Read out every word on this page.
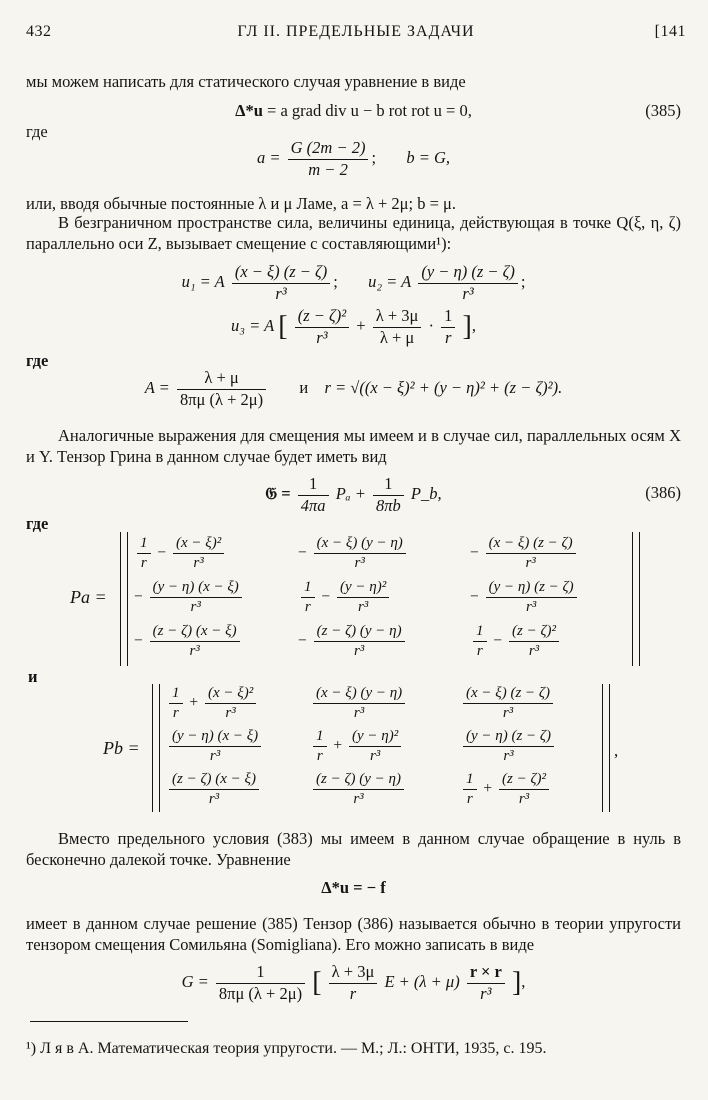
432	ГЛ II. ПРЕДЕЛЬНЫЕ ЗАДАЧИ	[141
мы можем написать для статического случая уравнение в виде
Δ*u = a grad div u − b rot rot u = 0,	(385)
где
$a = \frac{G (2m - 2)}{m - 2}$ ;  b = G,
или, вводя обычные постоянные λ и μ Ламе, a = λ + 2μ; b = μ.
В безграничном пространстве сила, величины единица, действующая в точке Q(ξ, η, ζ) параллельно оси Z, вызывает смещение с составляющими¹):
u₁ = A $\frac{(x - \xi) (z - \zeta)}{\text{r³}}$ ;  u₂ = A $\frac{(y - \eta) (z - \zeta)}{\text{r³}}$ ;
u₃ = A [ $\frac{\text{(z − ζ)²}}{\text{r³}} + \frac{\lambda + 3\mu}{\lambda + \mu} \cdot \frac{1}{r}$ ],
где
$A = \frac{\lambda + \mu}{8\pi\mu (\lambda + 2\mu)}$ и r = √((x − ξ)² + (y − η)² + (z − ζ)²).
Аналогичные выражения для смещения мы имеем и в случае сил, параллельных осям X и Y. Тензор Грина в данном случае будет иметь вид
𝔊 = $\frac{1}{4\pi a}$ $P_a + \frac{1}{8\pi b}$ P_b,	(386)
где
Pa =
$\frac{1}{r} - \frac{\text{(x − ξ)²}}{\text{r³}}$	− $\frac{(x - \xi) (y - \eta)}{\text{r³}}$	− $\frac{(x - \xi) (z - \zeta)}{\text{r³}}$
− $\frac{(y - \eta) (x - \xi)}{\text{r³}}$	$\frac{1}{r} - \frac{\text{(y − η)²}}{\text{r³}}$	− $\frac{(y - \eta) (z - \zeta)}{\text{r³}}$
− $\frac{(z - \zeta) (x - \xi)}{\text{r³}}$	− $\frac{(z - \zeta) (y - \eta)}{\text{r³}}$	$\frac{1}{r} - \frac{\text{(z − ζ)²}}{\text{r³}}$
и
Pb =
$\frac{1}{r} + \frac{\text{(x − ξ)²}}{\text{r³}}$	$\frac{(x - \xi) (y - \eta)}{\text{r³}}$	$\frac{(x - \xi) (z - \zeta)}{\text{r³}}$
$\frac{(y - \eta) (x - \xi)}{\text{r³}}$	$\frac{1}{r} + \frac{\text{(y − η)²}}{\text{r³}}$	$\frac{(y - \eta) (z - \zeta)}{\text{r³}}$
$\frac{(z - \zeta) (x - \xi)}{\text{r³}}$	$\frac{(z - \zeta) (y - \eta)}{\text{r³}}$	$\frac{1}{r} + \frac{\text{(z − ζ)²}}{\text{r³}}$
,
Вместо предельного условия (383) мы имеем в данном случае обращение в нуль в бесконечно далекой точке. Уравнение
Δ*u = − f
имеет в данном случае решение (385) Тензор (386) называется обычно в теории упругости тензором смещения Сомильяна (Somigliana). Его можно записать в виде
$G = \frac{1}{8\pi\mu (\lambda + 2\mu)}$ [ $\frac{\lambda + 3\mu}{r}$ $E + (\lambda + \mu) \frac{r \times r}{\text{r³}}$ ],
¹) Л я в А. Математическая теория упругости. — М.; Л.: ОНТИ, 1935, с. 195.
